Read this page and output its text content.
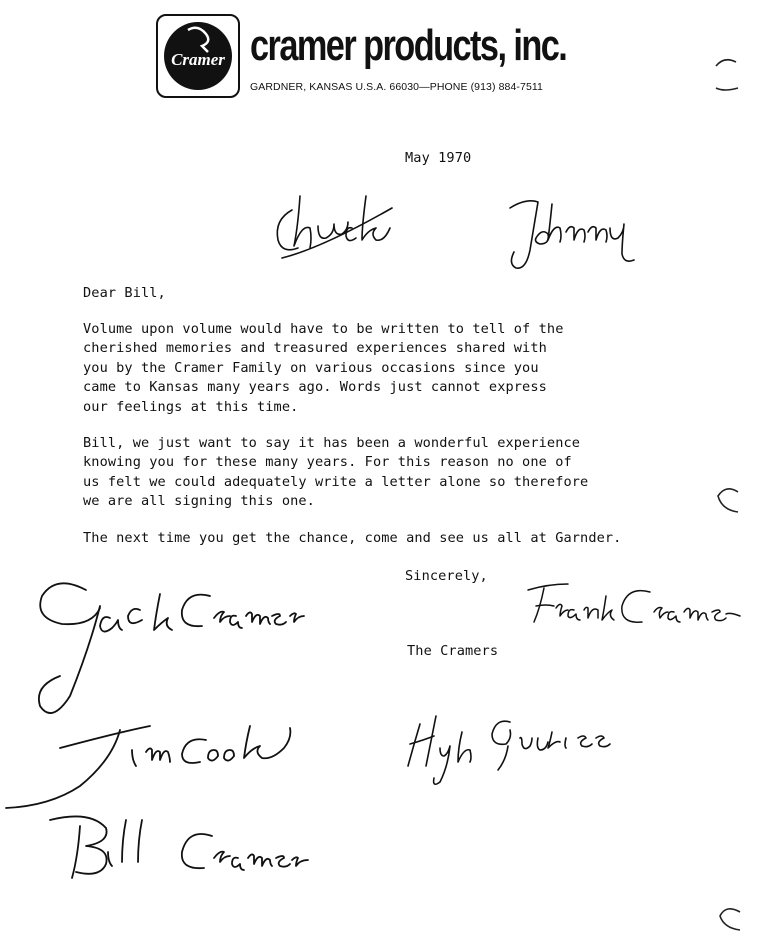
Cramer cramer products, inc.
GARDNER, KANSAS U.S.A. 66030—PHONE (913) 884-7511
May 1970
Dear Bill,
Volume upon volume would have to be written to tell of the
cherished memories and treasured experiences shared with
you by the Cramer Family on various occasions since you
came to Kansas many years ago. Words just cannot express
our feelings at this time.
Bill, we just want to say it has been a wonderful experience
knowing you for these many years. For this reason no one of
us felt we could adequately write a letter alone so therefore
we are all signing this one.
The next time you get the chance, come and see us all at Garnder.
Sincerely,
The Cramers
